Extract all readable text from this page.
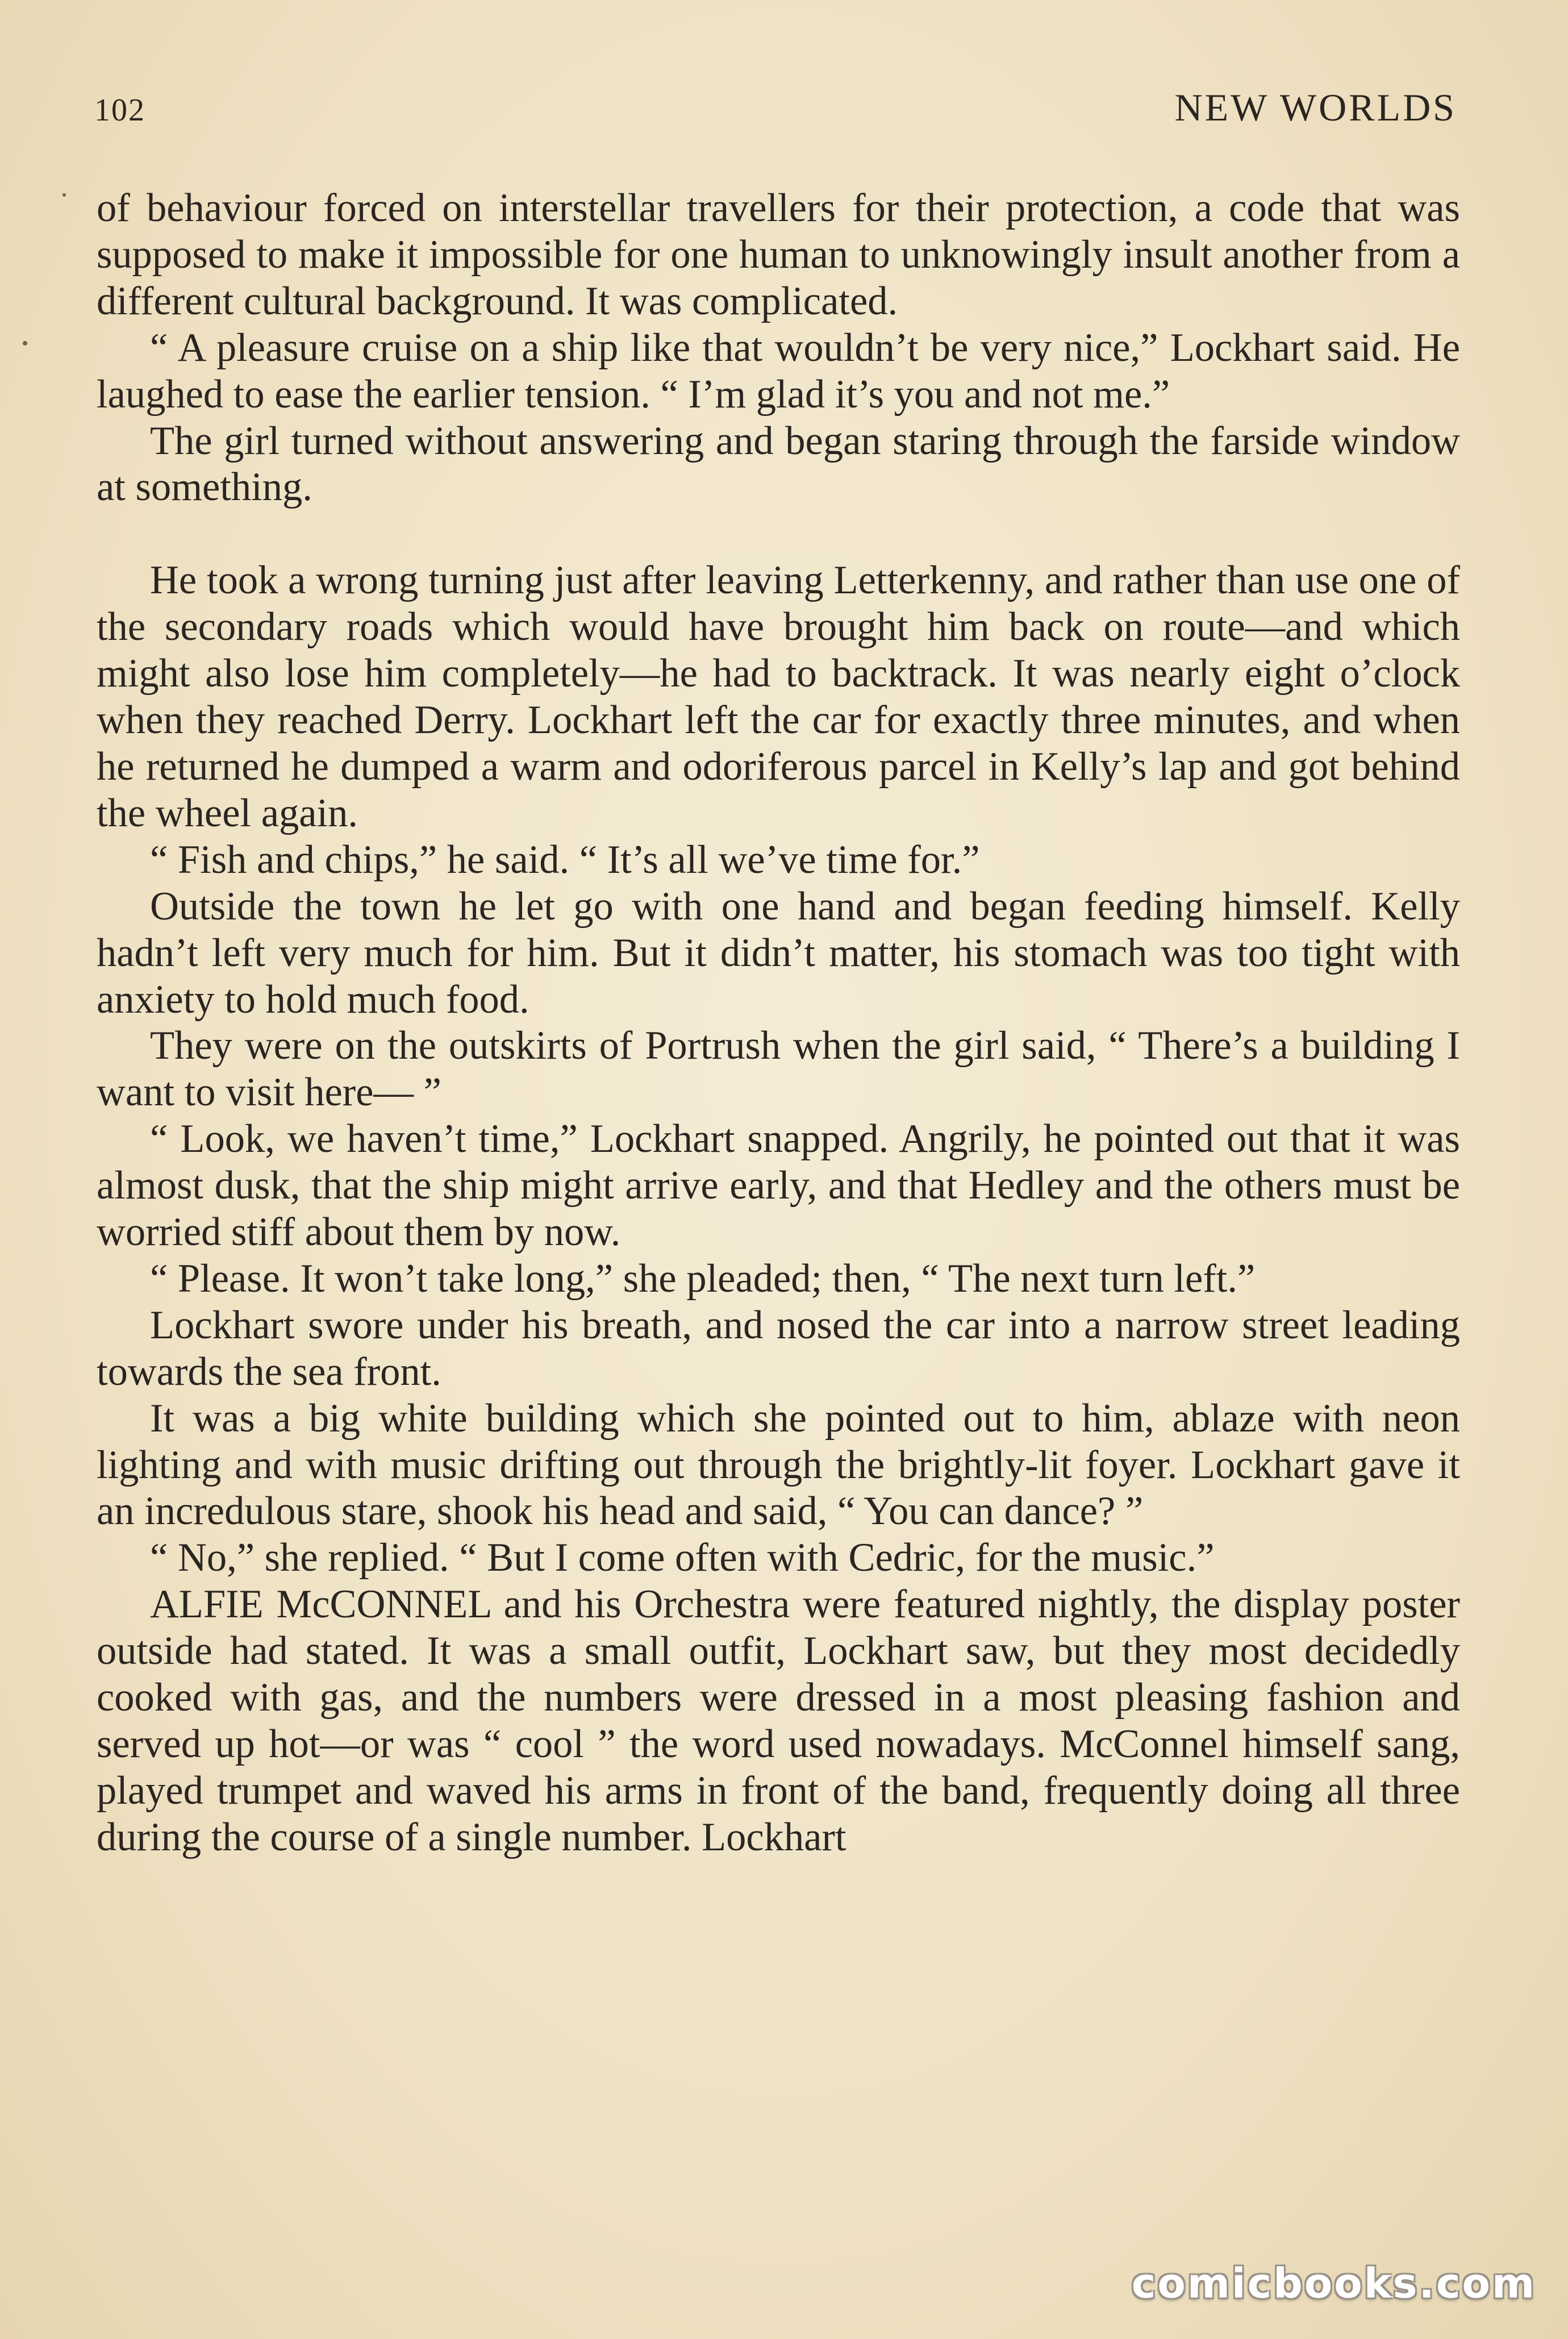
102	NEW WORLDS

of behaviour forced on interstellar travellers for their protection, a code that was supposed to make it impossible for one human to unknowingly insult another from a different cultural background. It was complicated.

“ A pleasure cruise on a ship like that wouldn’t be very nice,” Lockhart said. He laughed to ease the earlier tension. “ I’m glad it’s you and not me.”

The girl turned without answering and began staring through the farside window at something.

He took a wrong turning just after leaving Letterkenny, and rather than use one of the secondary roads which would have brought him back on route—and which might also lose him completely—he had to backtrack. It was nearly eight o’clock when they reached Derry. Lockhart left the car for exactly three minutes, and when he returned he dumped a warm and odoriferous parcel in Kelly’s lap and got behind the wheel again.

“ Fish and chips,” he said. “ It’s all we’ve time for.”

Outside the town he let go with one hand and began feeding himself. Kelly hadn’t left very much for him. But it didn’t matter, his stomach was too tight with anxiety to hold much food.

They were on the outskirts of Portrush when the girl said, “ There’s a building I want to visit here— ”

“ Look, we haven’t time,” Lockhart snapped. Angrily, he pointed out that it was almost dusk, that the ship might arrive early, and that Hedley and the others must be worried stiff about them by now.

“ Please. It won’t take long,” she pleaded; then, “ The next turn left.”

Lockhart swore under his breath, and nosed the car into a narrow street leading towards the sea front.

It was a big white building which she pointed out to him, ablaze with neon lighting and with music drifting out through the brightly-lit foyer. Lockhart gave it an incredulous stare, shook his head and said, “ You can dance? ”

“ No,” she replied. “ But I come often with Cedric, for the music.”

ALFIE McCONNEL and his Orchestra were featured nightly, the display poster outside had stated. It was a small outfit, Lockhart saw, but they most decidedly cooked with gas, and the numbers were dressed in a most pleasing fashion and served up hot—or was “ cool ” the word used nowadays. McConnel himself sang, played trumpet and waved his arms in front of the band, frequently doing all three during the course of a single number. Lockhart

comicbooks.com
